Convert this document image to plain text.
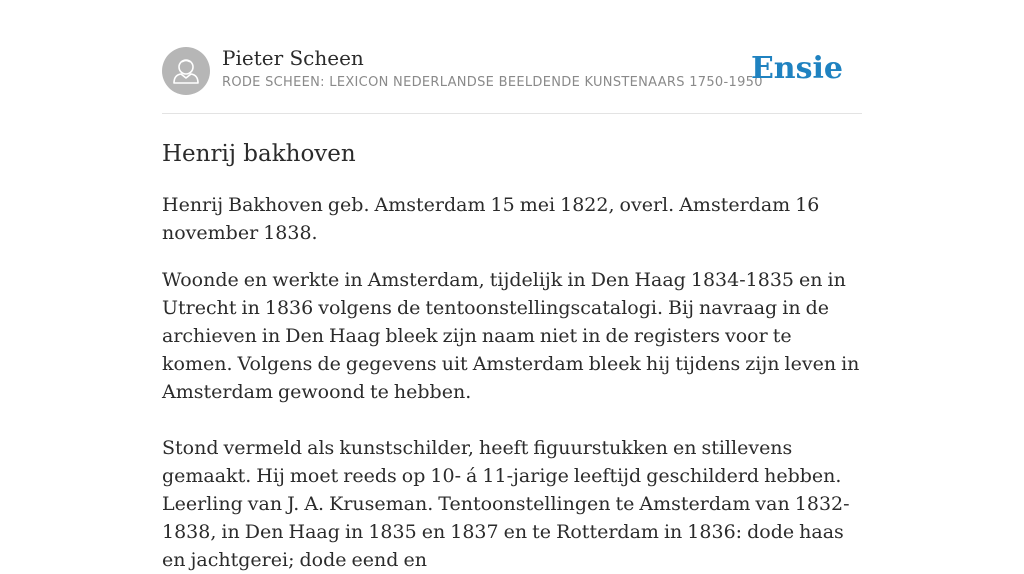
Pieter Scheen
RODE SCHEEN: LEXICON NEDERLANDSE BEELDENDE KUNSTENAARS 1750-1950
Ensie
Henrij bakhoven

Henrij Bakhoven geb. Amsterdam 15 mei 1822, overl. Amsterdam 16 november 1838.

Woonde en werkte in Amsterdam, tijdelijk in Den Haag 1834-1835 en in Utrecht in 1836 volgens de tentoonstellingscatalogi. Bij navraag in de archieven in Den Haag bleek zijn naam niet in de registers voor te komen. Volgens de gegevens uit Amsterdam bleek hij tijdens zijn leven in Amsterdam gewoond te hebben.

Stond vermeld als kunstschilder, heeft figuurstukken en stillevens gemaakt. Hij moet reeds op 10- á 11-jarige leeftijd geschilderd hebben. Leerling van J. A. Kruseman. Tentoonstellingen te Amsterdam van 1832-1838, in Den Haag in 1835 en 1837 en te Rotterdam in 1836: dode haas en jachtgerei; dode eend en
